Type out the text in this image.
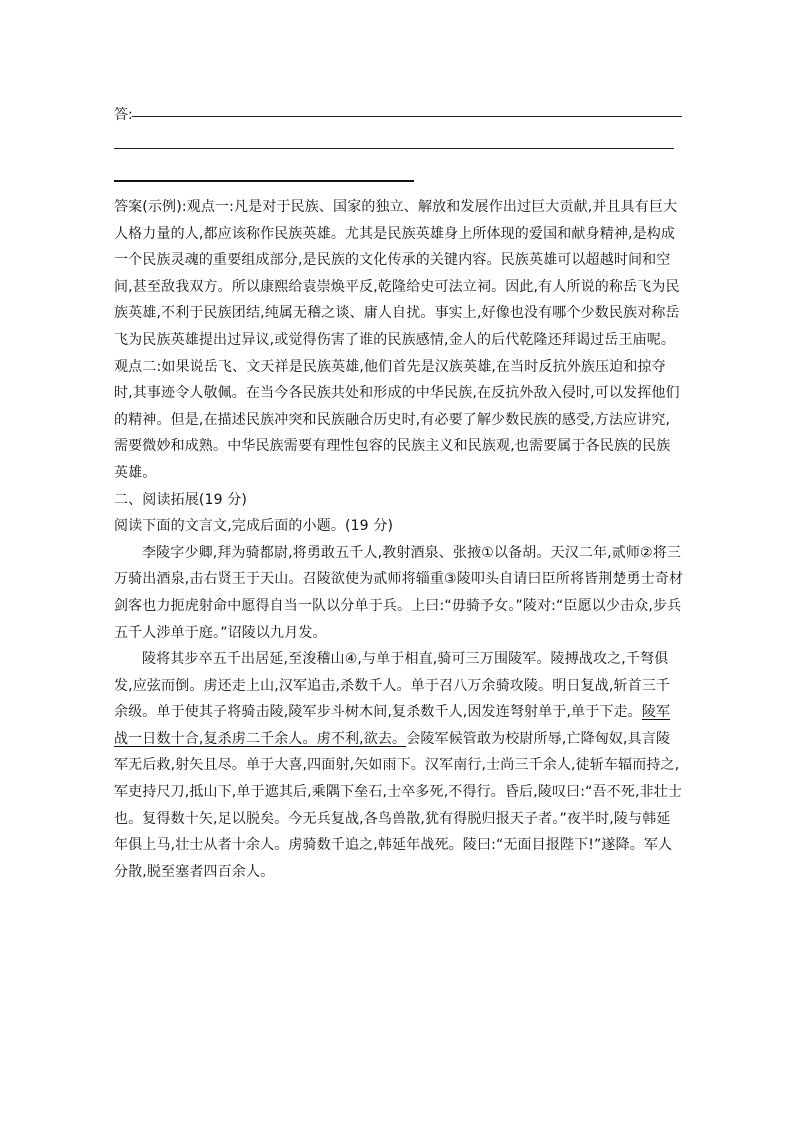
答:

答案(示例):观点一:凡是对于民族、国家的独立、解放和发展作出过巨大贡献,并且具有巨大人格力量的人,都应该称作民族英雄。尤其是民族英雄身上所体现的爱国和献身精神,是构成一个民族灵魂的重要组成部分,是民族的文化传承的关键内容。民族英雄可以超越时间和空间,甚至敌我双方。所以康熙给袁崇焕平反,乾隆给史可法立祠。因此,有人所说的称岳飞为民族英雄,不利于民族团结,纯属无稽之谈、庸人自扰。事实上,好像也没有哪个少数民族对称岳飞为民族英雄提出过异议,或觉得伤害了谁的民族感情,金人的后代乾隆还拜谒过岳王庙呢。

观点二:如果说岳飞、文天祥是民族英雄,他们首先是汉族英雄,在当时反抗外族压迫和掠夺时,其事迹令人敬佩。在当今各民族共处和形成的中华民族,在反抗外敌入侵时,可以发挥他们的精神。但是,在描述民族冲突和民族融合历史时,有必要了解少数民族的感受,方法应讲究,需要微妙和成熟。中华民族需要有理性包容的民族主义和民族观,也需要属于各民族的民族英雄。

二、阅读拓展(19 分)

阅读下面的文言文,完成后面的小题。(19 分)

李陵字少卿,拜为骑都尉,将勇敢五千人,教射酒泉、张掖①以备胡。天汉二年,贰师②将三万骑出酒泉,击右贤王于天山。召陵欲使为贰师将辎重③陵叩头自请曰臣所将皆荆楚勇士奇材剑客也力扼虎射命中愿得自当一队以分单于兵。上曰:“毋骑予女。”陵对:“臣愿以少击众,步兵五千人涉单于庭。”诏陵以九月发。

陵将其步卒五千出居延,至浚稽山④,与单于相直,骑可三万围陵军。陵搏战攻之,千弩俱发,应弦而倒。虏还走上山,汉军追击,杀数千人。单于召八万余骑攻陵。明日复战,斩首三千余级。单于使其子将骑击陵,陵军步斗树木间,复杀数千人,因发连弩射单于,单于下走。陵军战一日数十合,复杀虏二千余人。虏不利,欲去。会陵军候管敢为校尉所辱,亡降匈奴,具言陵军无后救,射矢且尽。单于大喜,四面射,矢如雨下。汉军南行,士尚三千余人,徒斩车辐而持之,军吏持尺刀,抵山下,单于遮其后,乘隅下垒石,士卒多死,不得行。昏后,陵叹曰:“吾不死,非壮士也。复得数十矢,足以脱矣。今无兵复战,各鸟兽散,犹有得脱归报天子者。”夜半时,陵与韩延年俱上马,壮士从者十余人。虏骑数千追之,韩延年战死。陵曰:“无面目报陛下!”遂降。军人分散,脱至塞者四百余人。
